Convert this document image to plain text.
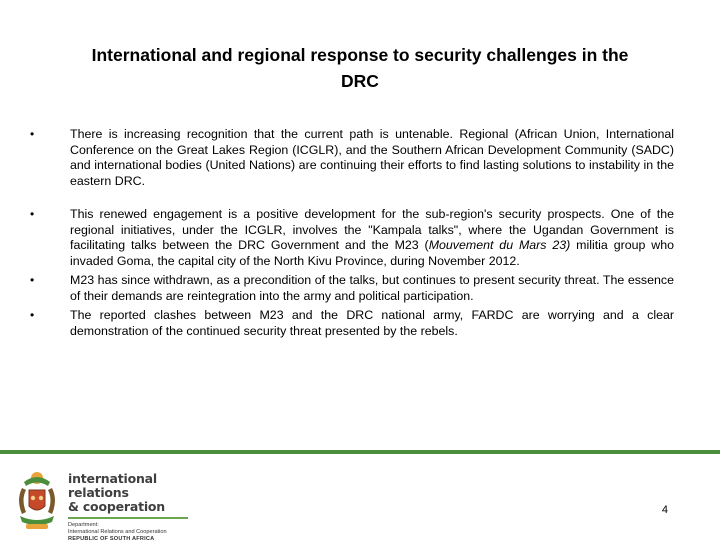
International and regional response to security challenges in the
DRC
•	There is increasing recognition that the current path is untenable. Regional (African Union, International Conference on the Great Lakes Region (ICGLR), and the Southern African Development Community (SADC) and international bodies (United Nations) are continuing their efforts to find lasting solutions to instability in the eastern DRC.
•	This renewed engagement is a positive development for the sub-region's security prospects. One of the regional initiatives, under the ICGLR, involves the "Kampala talks", where the Ugandan Government is facilitating talks between the DRC Government and the M23 (Mouvement du Mars 23) militia group who invaded Goma, the capital city of the North Kivu Province, during November 2012.
•	M23 has since withdrawn, as a precondition of the talks, but continues to present security threat. The essence of their demands are reintegration into the army and political participation.
•	The reported clashes between M23 and the DRC national army, FARDC are worrying and a clear demonstration of the continued security threat presented by the rebels.
international relations
& cooperation
Department:
International Relations and Cooperation
REPUBLIC OF SOUTH AFRICA
4
